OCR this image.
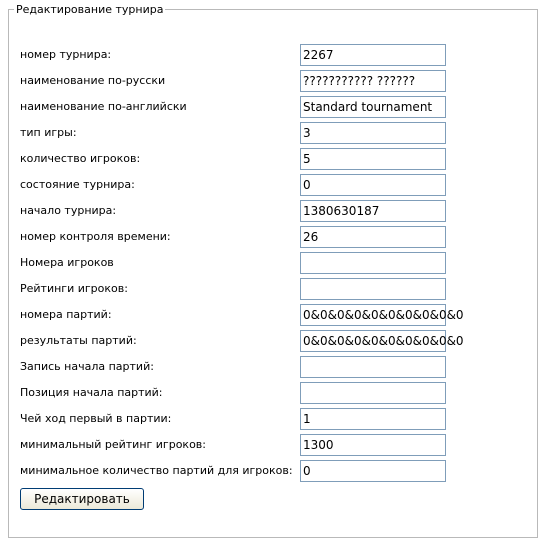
Редактирование турнира
номер турнира:	2267
наименование по-русски	??????????? ??????
наименование по-английски	Standard tournament
тип игры:	3
количество игроков:	5
состояние турнира:	0
начало турнира:	1380630187
номер контроля времени:	26
Номера игроков
Рейтинги игроков:
номера партий:	0&0&0&0&0&0&0&0&0&0
результаты партий:	0&0&0&0&0&0&0&0&0&0
Запись начала партий:
Позиция начала партий:
Чей ход первый в партии:	1
минимальный рейтинг игроков:	1300
минимальное количество партий для игроков: 0
Редактировать
